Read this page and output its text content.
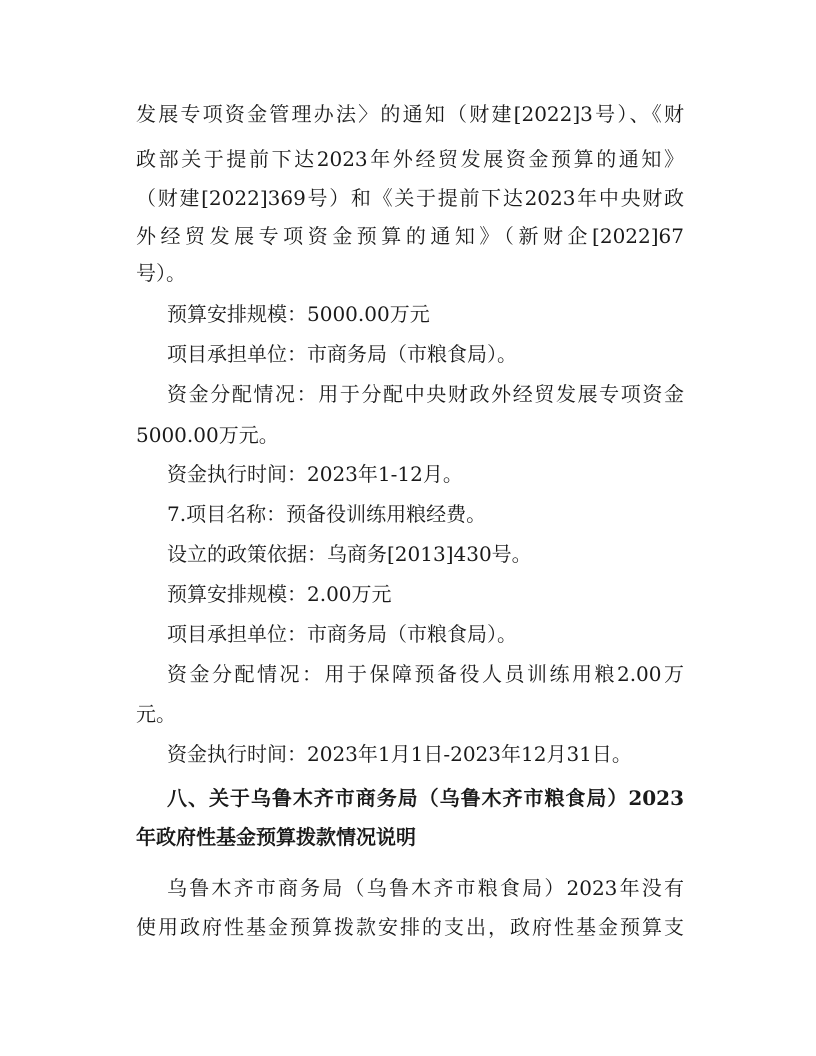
发展专项资金管理办法〉的通知（财建[2022]3号）、《财
政部关于提前下达2023年外经贸发展资金预算的通知》
（财建[2022]369号）和《关于提前下达2023年中央财政
外经贸发展专项资金预算的通知》（新财企[2022]67
号）。
预算安排规模：5000.00万元
项目承担单位：市商务局（市粮食局）。
资金分配情况：用于分配中央财政外经贸发展专项资金
5000.00万元。
资金执行时间：2023年1-12月。
7.项目名称：预备役训练用粮经费。
设立的政策依据：乌商务[2013]430号。
预算安排规模：2.00万元
项目承担单位：市商务局（市粮食局）。
资金分配情况：用于保障预备役人员训练用粮2.00万
元。
资金执行时间：2023年1月1日-2023年12月31日。
八、关于乌鲁木齐市商务局（乌鲁木齐市粮食局）2023
年政府性基金预算拨款情况说明
乌鲁木齐市商务局（乌鲁木齐市粮食局）2023年没有
使用政府性基金预算拨款安排的支出，政府性基金预算支
